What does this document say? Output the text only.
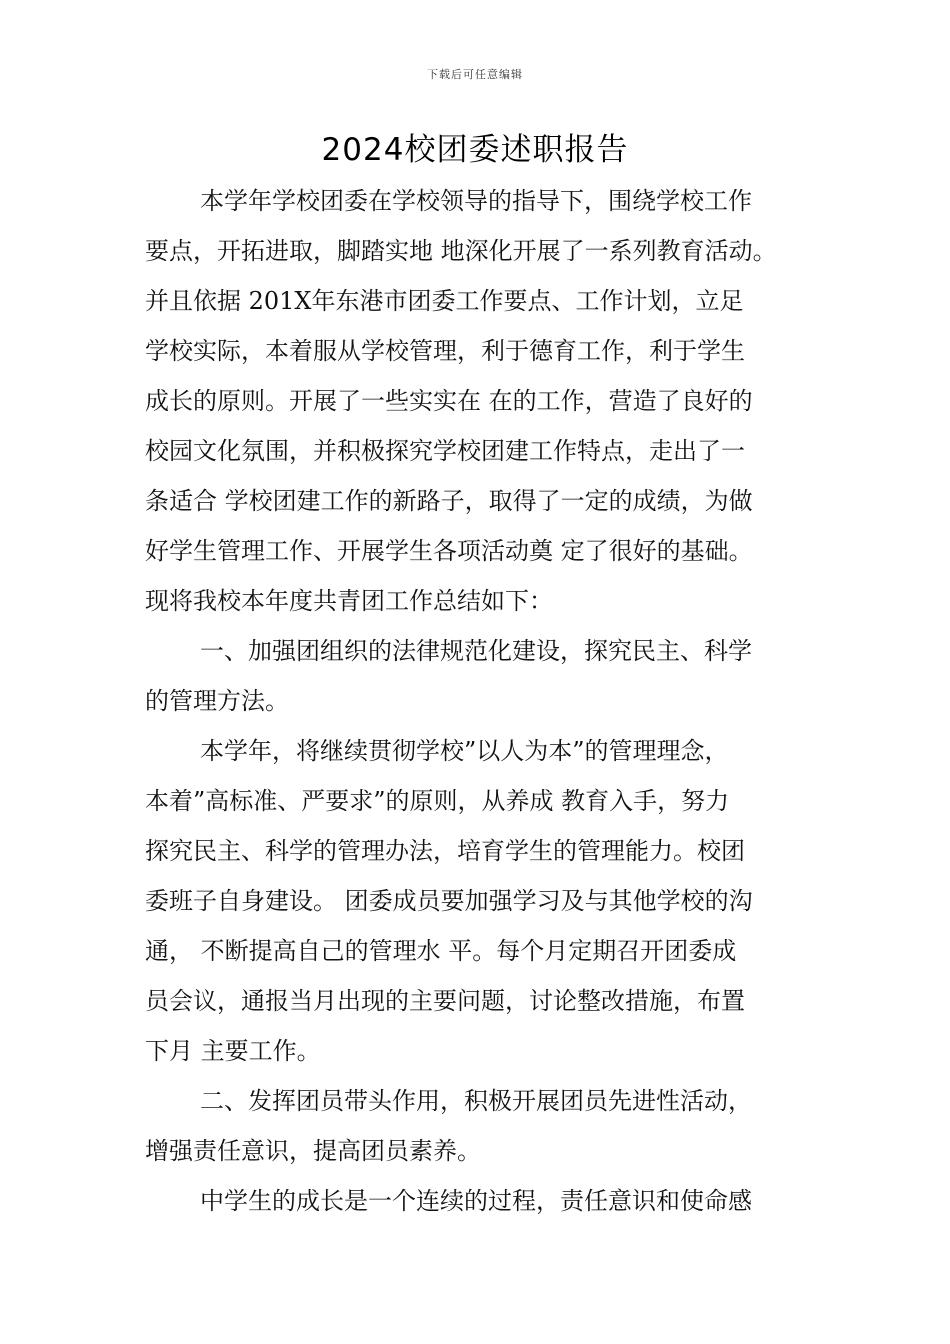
下载后可任意编辑
2024校团委述职报告
本学年学校团委在学校领导的指导下，围绕学校工作
要点，开拓进取，脚踏实地 地深化开展了一系列教育活动。
并且依据 201X年东港市团委工作要点、工作计划，立足
学校实际，本着服从学校管理，利于德育工作，利于学生
成长的原则。开展了一些实实在 在的工作，营造了良好的
校园文化氛围，并积极探究学校团建工作特点，走出了一
条适合 学校团建工作的新路子，取得了一定的成绩，为做
好学生管理工作、开展学生各项活动奠 定了很好的基础。
现将我校本年度共青团工作总结如下：
一、加强团组织的法律规范化建设，探究民主、科学
的管理方法。
本学年，将继续贯彻学校”以人为本”的管理理念，
本着”高标准、严要求”的原则，从养成 教育入手，努力
探究民主、科学的管理办法，培育学生的管理能力。校团
委班子自身建设。 团委成员要加强学习及与其他学校的沟
通， 不断提高自己的管理水 平。每个月定期召开团委成
员会议，通报当月出现的主要问题，讨论整改措施，布置
下月 主要工作。
二、发挥团员带头作用，积极开展团员先进性活动，
增强责任意识，提高团员素养。
中学生的成长是一个连续的过程，责任意识和使命感
